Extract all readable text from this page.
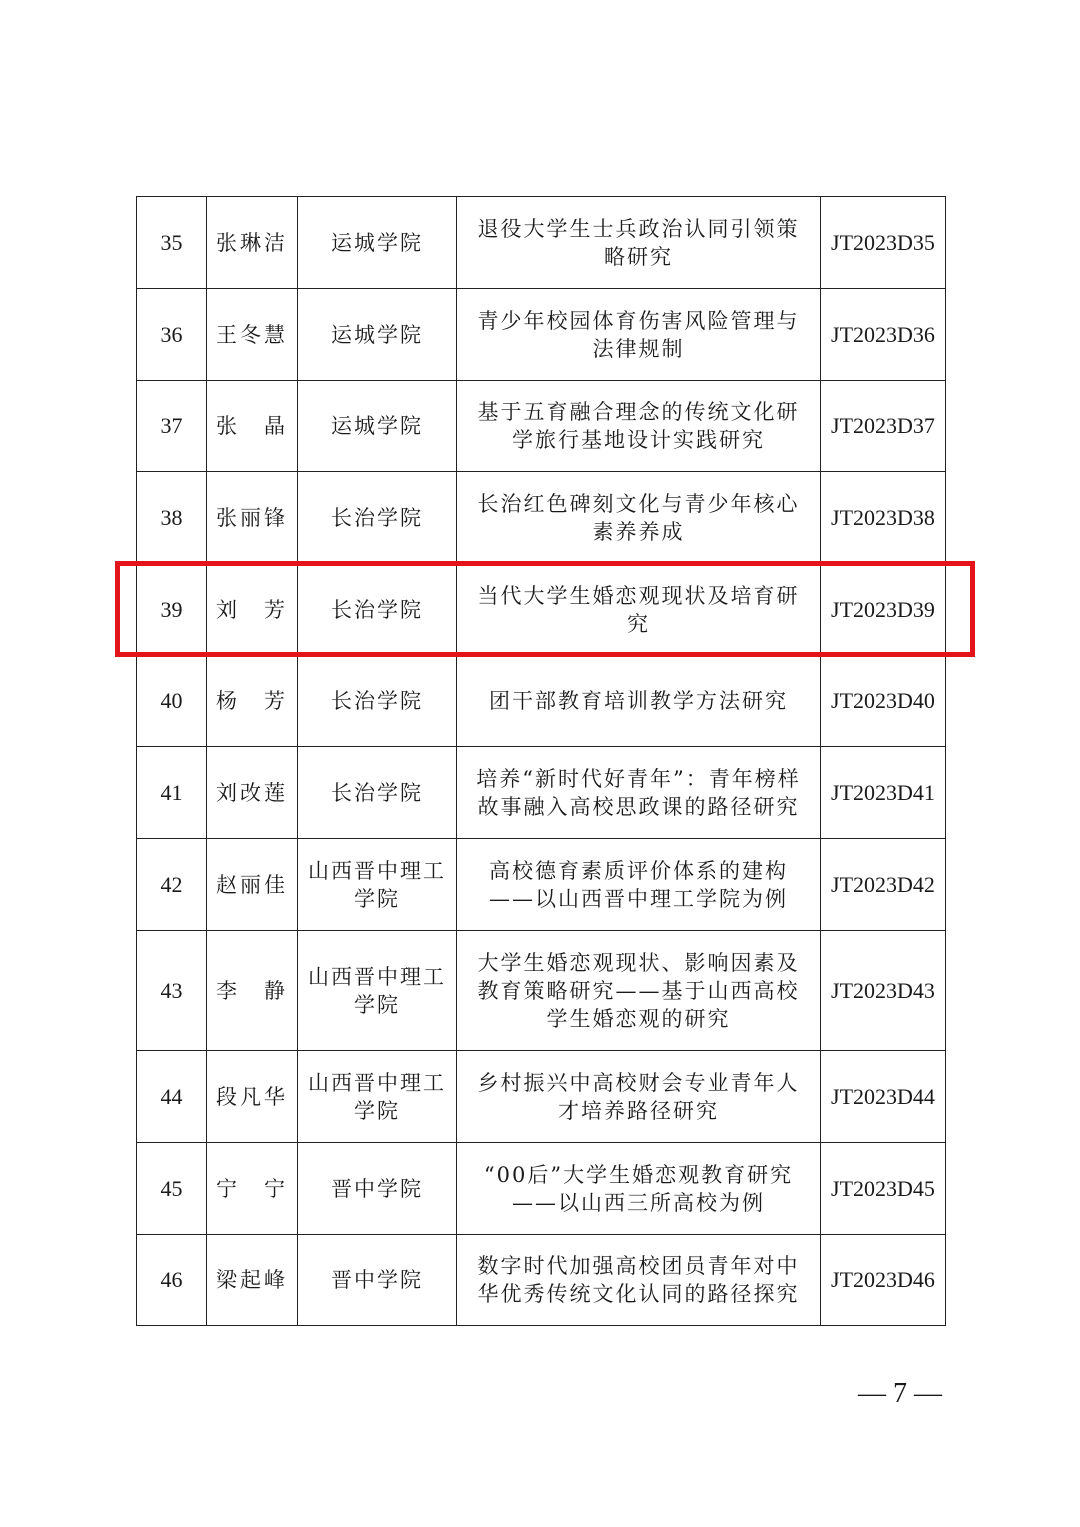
35	张琳洁	运城学院	退役大学生士兵政治认同引领策略研究	JT2023D35
36	王冬慧	运城学院	青少年校园体育伤害风险管理与法律规制	JT2023D36
37	张　晶	运城学院	基于五育融合理念的传统文化研学旅行基地设计实践研究	JT2023D37
38	张丽锋	长治学院	长治红色碑刻文化与青少年核心素养养成	JT2023D38
39	刘　芳	长治学院	当代大学生婚恋观现状及培育研究	JT2023D39
40	杨　芳	长治学院	团干部教育培训教学方法研究	JT2023D40
41	刘改莲	长治学院	培养“新时代好青年”：青年榜样故事融入高校思政课的路径研究	JT2023D41
42	赵丽佳	山西晋中理工学院	高校德育素质评价体系的建构——以山西晋中理工学院为例	JT2023D42
43	李　静	山西晋中理工学院	大学生婚恋观现状、影响因素及教育策略研究——基于山西高校学生婚恋观的研究	JT2023D43
44	段凡华	山西晋中理工学院	乡村振兴中高校财会专业青年人才培养路径研究	JT2023D44
45	宁　宁	晋中学院	“00后”大学生婚恋观教育研究——以山西三所高校为例	JT2023D45
46	梁起峰	晋中学院	数字时代加强高校团员青年对中华优秀传统文化认同的路径探究	JT2023D46
— 7 —
